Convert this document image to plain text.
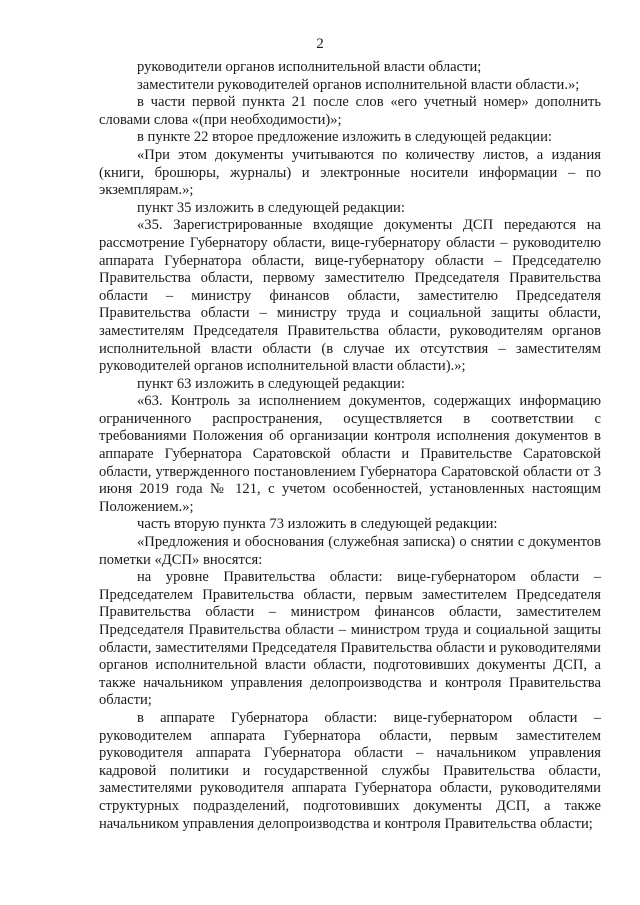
2

руководители органов исполнительной власти области;

заместители руководителей органов исполнительной власти области.»;

в части первой пункта 21 после слов «его учетный номер» дополнить словами слова «(при необходимости)»;

в пункте 22 второе предложение изложить в следующей редакции:

«При этом документы учитываются по количеству листов, а издания (книги, брошюры, журналы) и электронные носители информации – по экземплярам.»;

пункт 35 изложить в следующей редакции:

«35. Зарегистрированные входящие документы ДСП передаются на рассмотрение Губернатору области, вице-губернатору области – руководителю аппарата Губернатора области, вице-губернатору области – Председателю Правительства области, первому заместителю Председателя Правительства области – министру финансов области, заместителю Председателя Правительства области – министру труда и социальной защиты области, заместителям Председателя Правительства области, руководителям органов исполнительной власти области (в случае их отсутствия – заместителям руководителей органов исполнительной власти области).»;

пункт 63 изложить в следующей редакции:

«63. Контроль за исполнением документов, содержащих информацию ограниченного распространения, осуществляется в соответствии с требованиями Положения об организации контроля исполнения документов в аппарате Губернатора Саратовской области и Правительстве Саратовской области, утвержденного постановлением Губернатора Саратовской области от 3 июня 2019 года № 121, с учетом особенностей, установленных настоящим Положением.»;

часть вторую пункта 73 изложить в следующей редакции:

«Предложения и обоснования (служебная записка) о снятии с документов пометки «ДСП» вносятся:

на уровне Правительства области: вице-губернатором области – Председателем Правительства области, первым заместителем Председателя Правительства области – министром финансов области, заместителем Председателя Правительства области – министром труда и социальной защиты области, заместителями Председателя Правительства области и руководителями органов исполнительной власти области, подготовивших документы ДСП, а также начальником управления делопроизводства и контроля Правительства области;

в аппарате Губернатора области: вице-губернатором области – руководителем аппарата Губернатора области, первым заместителем руководителя аппарата Губернатора области – начальником управления кадровой политики и государственной службы Правительства области, заместителями руководителя аппарата Губернатора области, руководителями структурных подразделений, подготовивших документы ДСП, а также начальником управления делопроизводства и контроля Правительства области;
